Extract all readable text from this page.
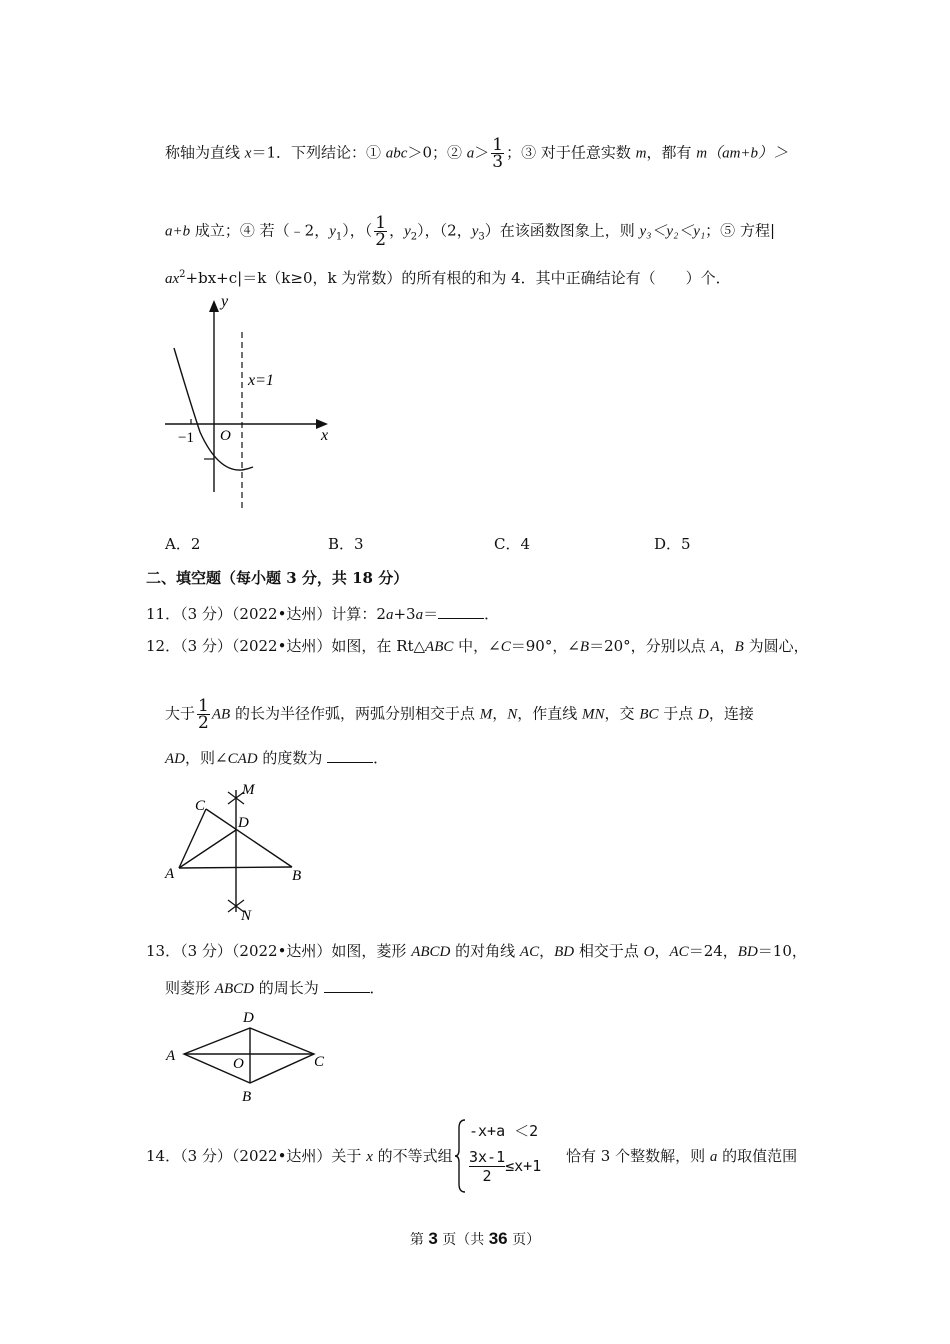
称轴为直线 x＝1．下列结论：① abc＞0；② $a> \frac{1}{3}$ ；③ 对于任意实数 m，都有 m（am+b）＞
a+b 成立；④ 若（﹣2，$y_1$），（ $\frac{1}{2}$ ，$y_2$），（2，$y_3$）在该函数图象上，则 y₃＜y₂＜y₁；⑤ 方程|
$ax^2+bx+c|=k(k\ge 0$，k 为常数）的所有根的和为 4．其中正确结论有（　　）个．
y
x=1
−1 O	x
A．2	B．3	C．4	D．5
二、填空题（每小题 3 分，共 18 分）
11．（3 分）（2022•达州）计算：2a+3a＝	．
12．（3 分）（2022•达州）如图，在 Rt△ABC 中，∠C＝90°，∠B＝20°，分别以点 A，B 为圆心，
大于 $\frac{1}{2}$ AB 的长为半径作弧，两弧分别相交于点 M，N，作直线 MN，交 BC 于点 D，连接
AD，则∠CAD 的度数为	．
C
M
D
A	B
N
13．（3 分）（2022•达州）如图，菱形 ABCD 的对角线 AC，BD 相交于点 O，AC＝24，BD＝10，
则菱形 ABCD 的周长为	．
D
A	O	C
B
14．（3 分）（2022•达州）关于 x 的不等式组
-x+a ＜2
$\frac{3x-1}{2} \le x+1$
恰有 3 个整数解，则 a 的取值范围
第 3 页（共 36 页）
